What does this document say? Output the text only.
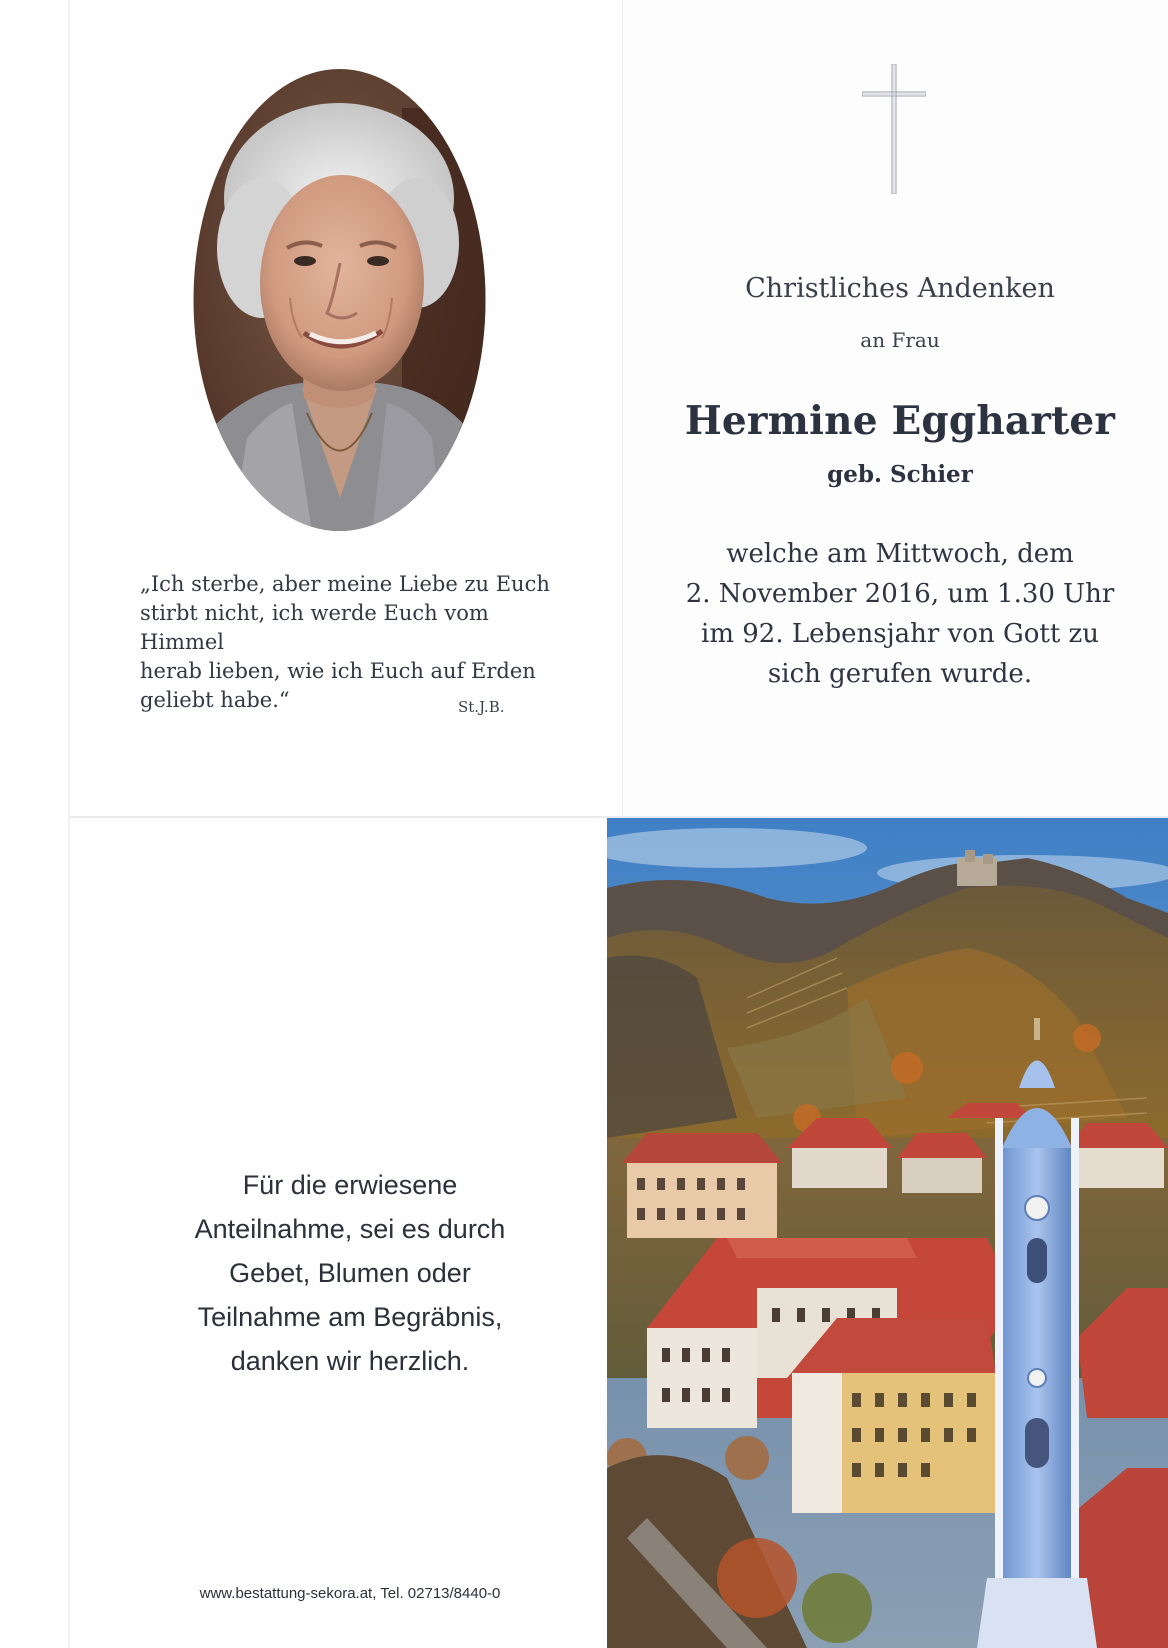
„Ich sterbe, aber meine Liebe zu Euch
stirbt nicht, ich werde Euch vom Himmel
herab lieben, wie ich Euch auf Erden
geliebt habe.“	St.J.B.
Christliches Andenken
an Frau
Hermine Eggharter
geb. Schier
welche am Mittwoch, dem
2. November 2016, um 1.30 Uhr
im 92. Lebensjahr von Gott zu
sich gerufen wurde.
Für die erwiesene
Anteilnahme, sei es durch
Gebet, Blumen oder
Teilnahme am Begräbnis,
danken wir herzlich.
www.bestattung-sekora.at, Tel. 02713/8440-0
